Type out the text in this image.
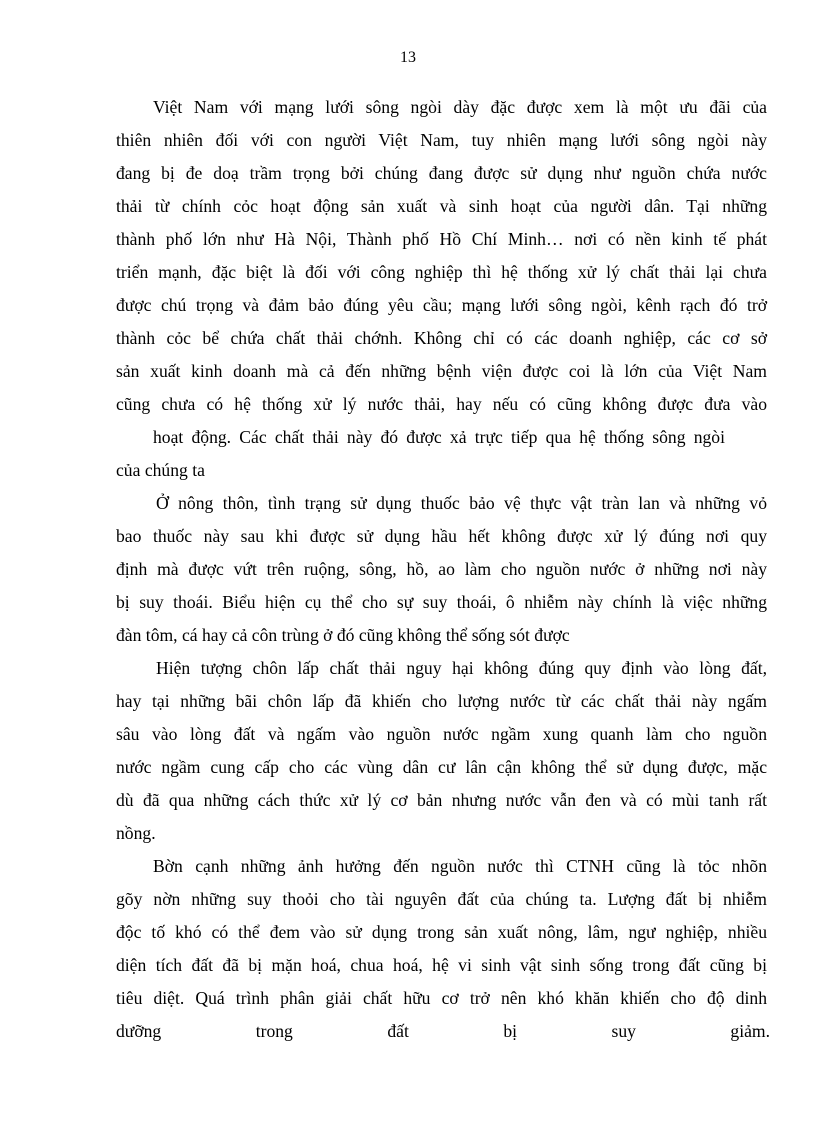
13
Việt Nam với mạng lưới sông ngòi dày đặc được xem là một ưu đãi của
thiên nhiên đối với con người Việt Nam, tuy nhiên mạng lưới sông ngòi này
đang bị đe doạ trầm trọng bởi chúng đang được sử dụng như nguồn chứa nước
thải từ chính cỏc hoạt động sản xuất và sinh hoạt của người dân. Tại những
thành phố lớn như Hà Nội, Thành phố Hồ Chí Minh… nơi có nền kinh tế phát
triển mạnh, đặc biệt là đối với công nghiệp thì hệ thống xử lý chất thải lại chưa
được chú trọng và đảm bảo đúng yêu cầu; mạng lưới sông ngòi, kênh rạch đó trở
thành cỏc bể chứa chất thải chớnh. Không chỉ có các doanh nghiệp, các cơ sở
sản xuất kinh doanh mà cả đến những bệnh viện được coi là lớn của Việt Nam
cũng chưa có hệ thống xử lý nước thải, hay nếu có cũng không được đưa vào
hoạt động. Các chất thải này đó được xả trực tiếp qua hệ thống sông ngòi
của chúng ta
Ở nông thôn, tình trạng sử dụng thuốc bảo vệ thực vật tràn lan và những vỏ
bao thuốc này sau khi được sử dụng hầu hết không được xử lý đúng nơi quy
định mà được vứt trên ruộng, sông, hồ, ao làm cho nguồn nước ở những nơi này
bị suy thoái. Biểu hiện cụ thể cho sự suy thoái, ô nhiễm này chính là việc những
đàn tôm, cá hay cả côn trùng ở đó cũng không thể sống sót được
Hiện tượng chôn lấp chất thải nguy hại không đúng quy định vào lòng đất,
hay tại những bãi chôn lấp đã khiến cho lượng nước từ các chất thải này ngấm
sâu vào lòng đất và ngấm vào nguồn nước ngầm xung quanh làm cho nguồn
nước ngầm cung cấp cho các vùng dân cư lân cận không thể sử dụng được, mặc
dù đã qua những cách thức xử lý cơ bản nhưng nước vẫn đen và có mùi tanh rất
nồng.
Bờn cạnh những ảnh hưởng đến nguồn nước thì CTNH cũng là tỏc nhõn
gõy nờn những suy thoỏi cho tài nguyên đất của chúng ta. Lượng đất bị nhiễm
độc tố khó có thể đem vào sử dụng trong sản xuất nông, lâm, ngư nghiệp, nhiều
diện tích đất đã bị mặn hoá, chua hoá, hệ vi sinh vật sinh sống trong đất cũng bị
tiêu diệt. Quá trình phân giải chất hữu cơ trở nên khó khăn khiến cho độ dinh
dưỡng trong đất bị suy giảm.
